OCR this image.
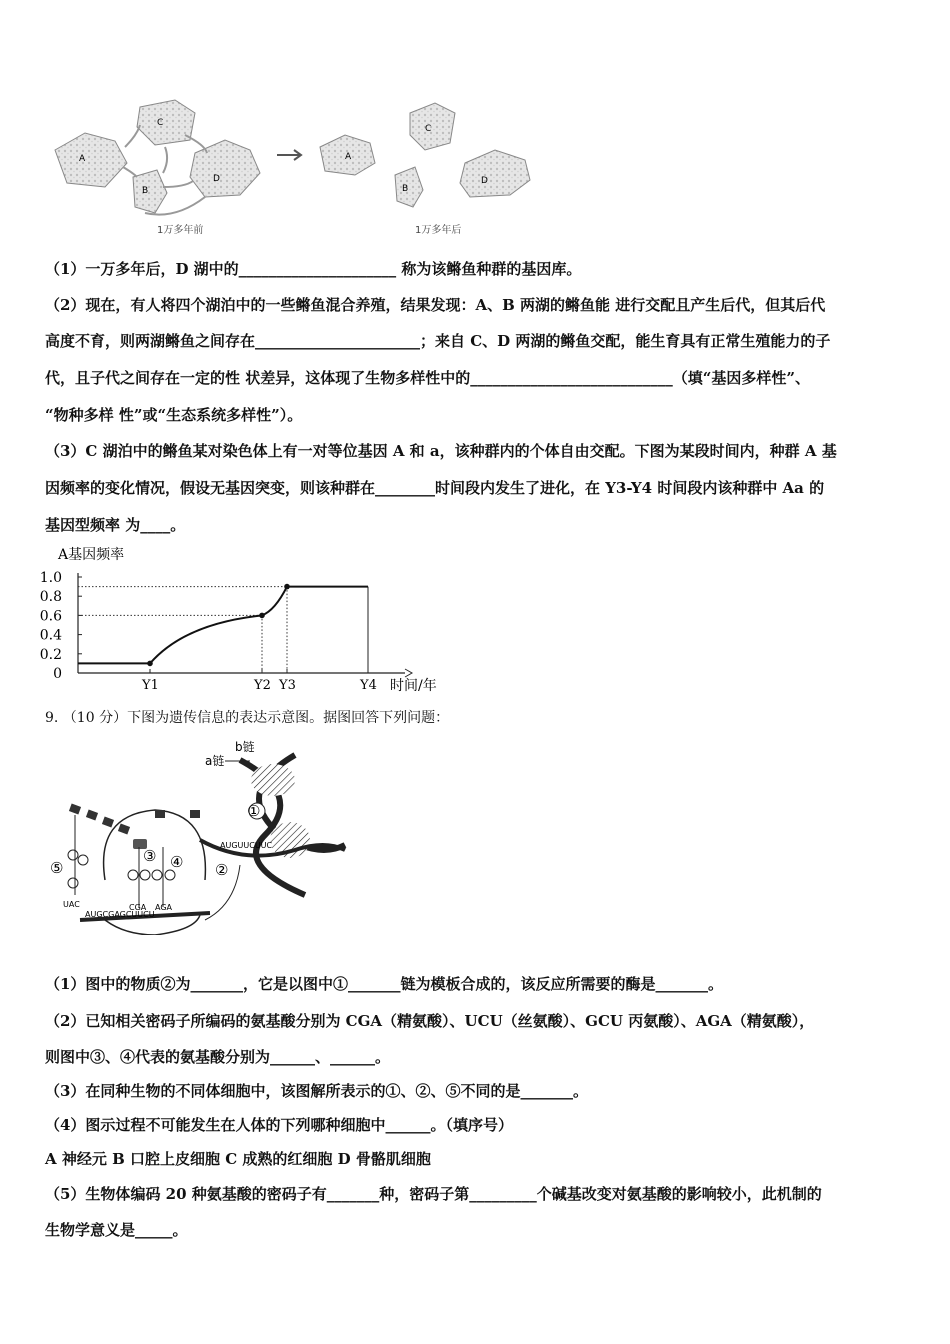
A
C
B
D
1万多年前
A
C
B
D
1万多年后
（1）一万多年后，D 湖中的_____________________ 称为该鳉鱼种群的基因库。
（2）现在，有人将四个湖泊中的一些鳉鱼混合养殖，结果发现：A、B 两湖的鳉鱼能 进行交配且产生后代，但其后代
高度不育，则两湖鳉鱼之间存在______________________；来自 C、D 两湖的鳉鱼交配，能生育具有正常生殖能力的子
代，且子代之间存在一定的性 状差异，这体现了生物多样性中的___________________________（填“基因多样性”、
“物种多样 性”或“生态系统多样性”）。
（3）C 湖泊中的鳉鱼某对染色体上有一对等位基因 A 和 a，该种群内的个体自由交配。下图为某段时间内，种群 A 基
因频率的变化情况，假设无基因突变，则该种群在________时间段内发生了进化，在 Y3-Y4 时间段内该种群中 Aa 的
基因型频率 为____。
A基因频率
时间/年
0
0.2
0.4
0.6
0.8
1.0
Y1	Y2 Y3	Y4
9. （10 分）下图为遗传信息的表达示意图。据图回答下列问题：
b链
a链
①
AUGUUCUUC
②
AUGCGAGCUUCU
UAC	CGA AGA
③ ④
⑤
（1）图中的物质②为_______，它是以图中①_______链为模板合成的，该反应所需要的酶是_______。
（2）已知相关密码子所编码的氨基酸分别为 CGA（精氨酸）、UCU（丝氨酸）、GCU 丙氨酸）、AGA（精氨酸），
则图中③、④代表的氨基酸分别为______、______。
（3）在同种生物的不同体细胞中，该图解所表示的①、②、⑤不同的是_______。
（4）图示过程不可能发生在人体的下列哪种细胞中______。（填序号）
A 神经元 B 口腔上皮细胞 C 成熟的红细胞 D 骨骼肌细胞
（5）生物体编码 20 种氨基酸的密码子有_______种，密码子第_________个碱基改变对氨基酸的影响较小，此机制的
生物学意义是_____。
